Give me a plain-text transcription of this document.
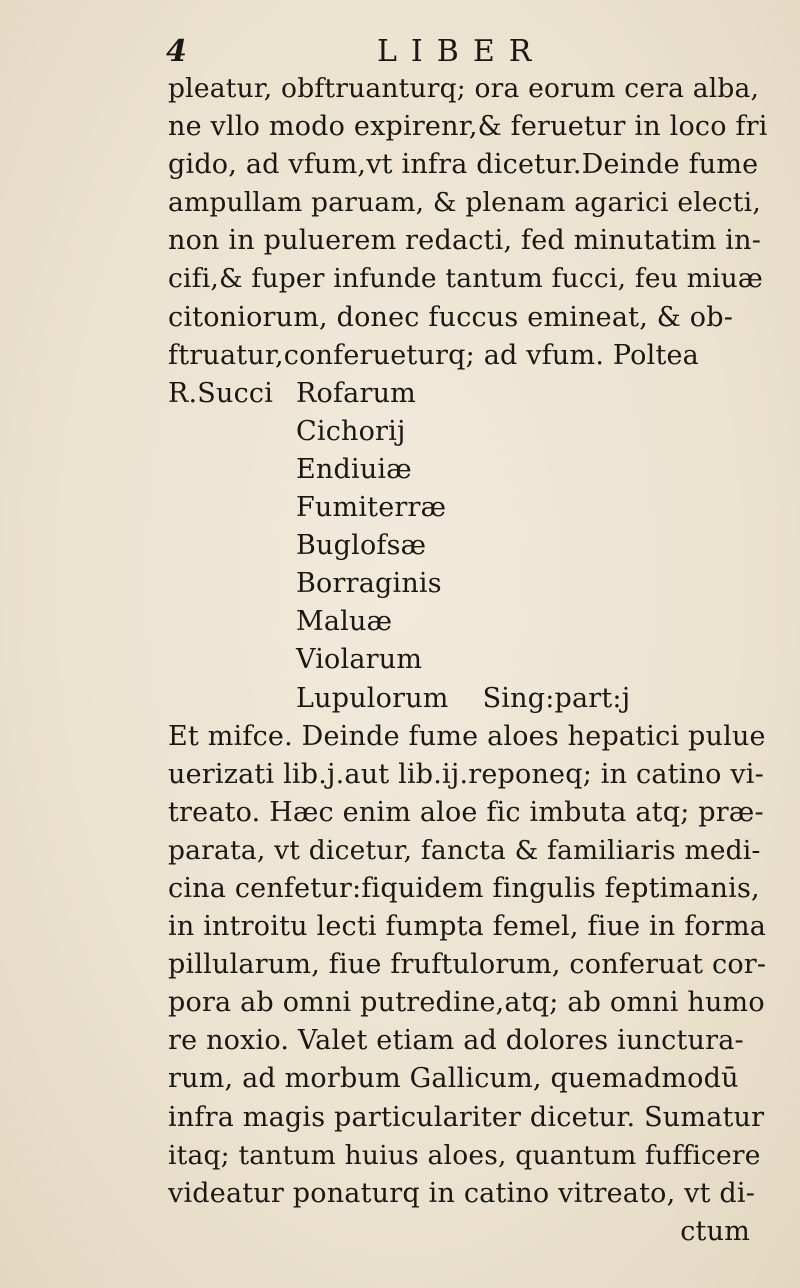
4	LIBER
pleatur, obftruanturq; ora eorum cera alba,
ne vllo modo expirenr,& feruetur in loco fri
gido, ad vfum,vt infra dicetur.Deinde fume
ampullam paruam, & plenam agarici electi,
non in puluerem redacti, fed minutatim in-
cifi,& fuper infunde tantum fucci, feu miuæ
citoniorum, donec fuccus emineat, & ob-
ftruatur,conferueturq; ad vfum. Poltea
R.Succi Rofarum
Cichorij
Endiuiæ
Fumiterræ
Buglofsæ
Borraginis
Maluæ
Violarum
Lupulorum Sing:part:j
Et mifce. Deinde fume aloes hepatici pulue
uerizati lib.j.aut lib.ij.reponeq; in catino vi-
treato. Hæc enim aloe fic imbuta atq; præ-
parata, vt dicetur, fancta & familiaris medi-
cina cenfetur:fiquidem fingulis feptimanis,
in introitu lecti fumpta femel, fiue in forma
pillularum, fiue fruftulorum, conferuat cor-
pora ab omni putredine,atq; ab omni humo
re noxio. Valet etiam ad dolores iunctura-
rum, ad morbum Gallicum, quemadmodū
infra magis particulariter dicetur. Sumatur
itaq; tantum huius aloes, quantum fufficere
videatur ponaturq in catino vitreato, vt di-
ctum
